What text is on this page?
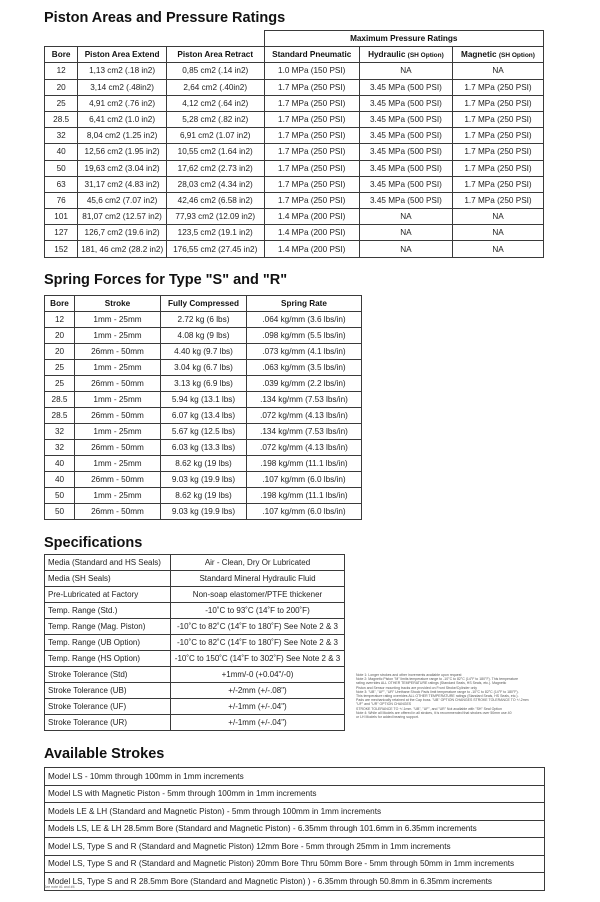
Piston Areas and Pressure Ratings
			Maximum Pressure Ratings		
Bore	Piston Area Extend	Piston Area Retract	Standard Pneumatic	Hydraulic (SH Option)	Magnetic (SH Option)
12	1,13 cm2 (.18 in2)	0,85 cm2 (.14 in2)	1.0 MPa (150 PSI)	NA	NA
20	3,14 cm2 (.48in2)	2,64 cm2 (.40in2)	1.7 MPa (250 PSI)	3.45 MPa (500 PSI)	1.7 MPa (250 PSI)
25	4,91 cm2 (.76 in2)	4,12 cm2 (.64 in2)	1.7 MPa (250 PSI)	3.45 MPa (500 PSI)	1.7 MPa (250 PSI)
28.5	6,41 cm2 (1.0 in2)	5,28 cm2 (.82 in2)	1.7 MPa (250 PSI)	3.45 MPa (500 PSI)	1.7 MPa (250 PSI)
32	8,04 cm2 (1.25 in2)	6,91 cm2 (1.07 in2)	1.7 MPa (250 PSI)	3.45 MPa (500 PSI)	1.7 MPa (250 PSI)
40	12,56 cm2 (1.95 in2)	10,55 cm2 (1.64 in2)	1.7 MPa (250 PSI)	3.45 MPa (500 PSI)	1.7 MPa (250 PSI)
50	19,63 cm2 (3.04 in2)	17,62 cm2 (2.73 in2)	1.7 MPa (250 PSI)	3.45 MPa (500 PSI)	1.7 MPa (250 PSI)
63	31,17 cm2 (4.83 in2)	28,03 cm2 (4.34 in2)	1.7 MPa (250 PSI)	3.45 MPa (500 PSI)	1.7 MPa (250 PSI)
76	45,6 cm2 (7.07 in2)	42,46 cm2 (6.58 in2)	1.7 MPa (250 PSI)	3.45 MPa (500 PSI)	1.7 MPa (250 PSI)
101	81,07 cm2 (12.57 in2)	77,93 cm2 (12.09 in2)	1.4 MPa (200 PSI)	NA	NA
127	126,7 cm2 (19.6 in2)	123,5 cm2 (19.1 in2)	1.4 MPa (200 PSI)	NA	NA
152	181, 46 cm2 (28.2 in2)	176,55 cm2 (27.45 in2)	1.4 MPa (200 PSI)	NA	NA
Spring Forces for Type "S" and "R"
Bore	Stroke	Fully Compressed	Spring Rate
12	1mm - 25mm	2.72 kg (6 lbs)	.064 kg/mm (3.6 lbs/in)
20	1mm - 25mm	4.08 kg (9 lbs)	.098 kg/mm (5.5 lbs/in)
20	26mm - 50mm	4.40 kg (9.7 lbs)	.073 kg/mm (4.1 lbs/in)
25	1mm - 25mm	3.04 kg (6.7 lbs)	.063 kg/mm (3.5 lbs/in)
25	26mm - 50mm	3.13 kg (6.9 lbs)	.039 kg/mm (2.2 lbs/in)
28.5	1mm - 25mm	5.94 kg (13.1 lbs)	.134 kg/mm (7.53 lbs/in)
28.5	26mm - 50mm	6.07 kg (13.4 lbs)	.072 kg/mm (4.13 lbs/in)
32	1mm - 25mm	5.67 kg (12.5 lbs)	.134 kg/mm (7.53 lbs/in)
32	26mm - 50mm	6.03 kg (13.3 lbs)	.072 kg/mm (4.13 lbs/in)
40	1mm - 25mm	8.62 kg (19 lbs)	.198 kg/mm (11.1 lbs/in)
40	26mm - 50mm	9.03 kg (19.9 lbs)	.107 kg/mm (6.0 lbs/in)
50	1mm - 25mm	8.62 kg (19 lbs)	.198 kg/mm (11.1 lbs/in)
50	26mm - 50mm	9.03 kg (19.9 lbs)	.107 kg/mm (6.0 lbs/in)
Specifications
Media (Standard and HS Seals)	Air - Clean, Dry Or Lubricated
Media (SH Seals)	Standard Mineral Hydraulic Fluid
Pre-Lubricated at Factory	Non-soap elastomer/PTFE thickener
Temp. Range (Std.)	-10˚C to 93˚C (14˚F to 200˚F)
Temp. Range (Mag. Piston)	-10˚C to 82˚C (14˚F to 180˚F) See Note 2 & 3
Temp. Range (UB Option)	-10˚C to 82˚C (14˚F to 180˚F) See Note 2 & 3
Temp. Range (HS Option)	-10˚C to 150˚C (14˚F to 302˚F) See Note 2 & 3
Stroke Tolerance (Std)	+1mm/-0 (+0.04"/-0)
Stroke Tolerance (UB)	+/-2mm (+/-.08")
Stroke Tolerance (UF)	+/-1mm (+/-.04")
Stroke Tolerance (UR)	+/-1mm (+/-.04")
Note 1: Longer strokes and other increments available upon request
Note 2: Magnetic Piston "M" limits temperature range to -10°C to 82°C (14°F to 180°F). This temperature
rating overrides ALL OTHER TEMPERATURE ratings (Standard Seals, HS Seals, etc.). Magnetic
Piston and Sensor mounting tracks are provided on Front Stroke/Cylinder only
Note 3: "UB", "UF", "UR" Urethane Shock Pads limit temperature range to -10°C to 82°C (14°F to 180°F).
This temperature rating overrides ALL OTHER TEMPERATURE ratings (Standard Seals, HS Seals, etc.).
Pads are mechanically retained at the Cap boss. "UB" OPTION CHANGES STROKE TOLERANCE TO +/-2mm
"UF" and "UR" OPTION CHANGES
STROKE TOLERANCE TO +/-1mm. "UB", "UF", and "UR" Not available with "SH" Seal Option
Note 4: While all Models are offered in all strokes, it is recommended that strokes over 50mm use 40
or LH Models for added bearing support.
Available Strokes
Model LS - 10mm through 100mm in 1mm increments
Model LS with Magnetic Piston - 5mm through 100mm in 1mm increments
Models LE & LH (Standard and Magnetic Piston) - 5mm through 100mm in 1mm increments
Models LS, LE & LH 28.5mm Bore (Standard and Magnetic Piston) - 6.35mm through 101.6mm in 6.35mm increments
Model LS, Type S and R (Standard and Magnetic Piston) 12mm Bore - 5mm through 25mm in 1mm increments
Model LS, Type S and R (Standard and Magnetic Piston) 20mm Bore Thru 50mm Bore - 5mm through 50mm in 1mm increments
Model LS, Type S and R 28.5mm Bore (Standard and Magnetic Piston) ) - 6.35mm through 50.8mm in 6.35mm increments
See note #1 and #4
